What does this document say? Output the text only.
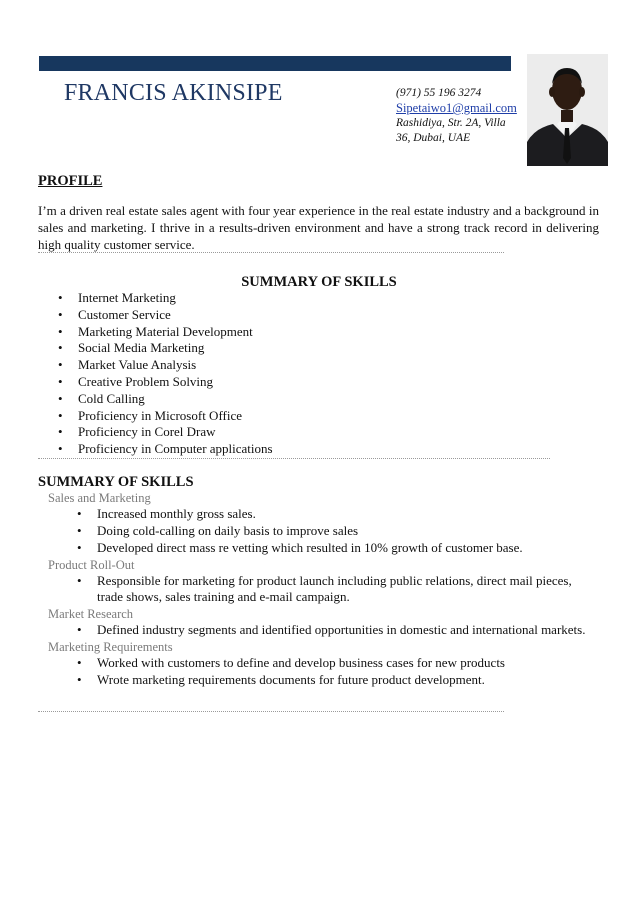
FRANCIS AKINSIPE	(971) 55 196 3274
Sipetaiwo1@gmail.com
Rashidiya, Str. 2A, Villa 36, Dubai, UAE
PROFILE
I’m a driven real estate sales agent with four year experience in the real estate industry and a background in sales and marketing. I thrive in a results-driven environment and have a strong track record in delivering high quality customer service.
SUMMARY OF SKILLS
• Internet Marketing
• Customer Service
• Marketing Material Development
• Social Media Marketing
• Market Value Analysis
• Creative Problem Solving
• Cold Calling
• Proficiency in Microsoft Office
• Proficiency in Corel Draw
• Proficiency in Computer applications
SUMMARY OF SKILLS
Sales and Marketing
• Increased monthly gross sales.
• Doing cold-calling on daily basis to improve sales
• Developed direct mass re vetting which resulted in 10% growth of customer base.
Product Roll-Out
• Responsible for marketing for product launch including public relations, direct mail pieces, trade shows, sales training and e-mail campaign.
Market Research
• Defined industry segments and identified opportunities in domestic and international markets.
Marketing Requirements
• Worked with customers to define and develop business cases for new products
• Wrote marketing requirements documents for future product development.
